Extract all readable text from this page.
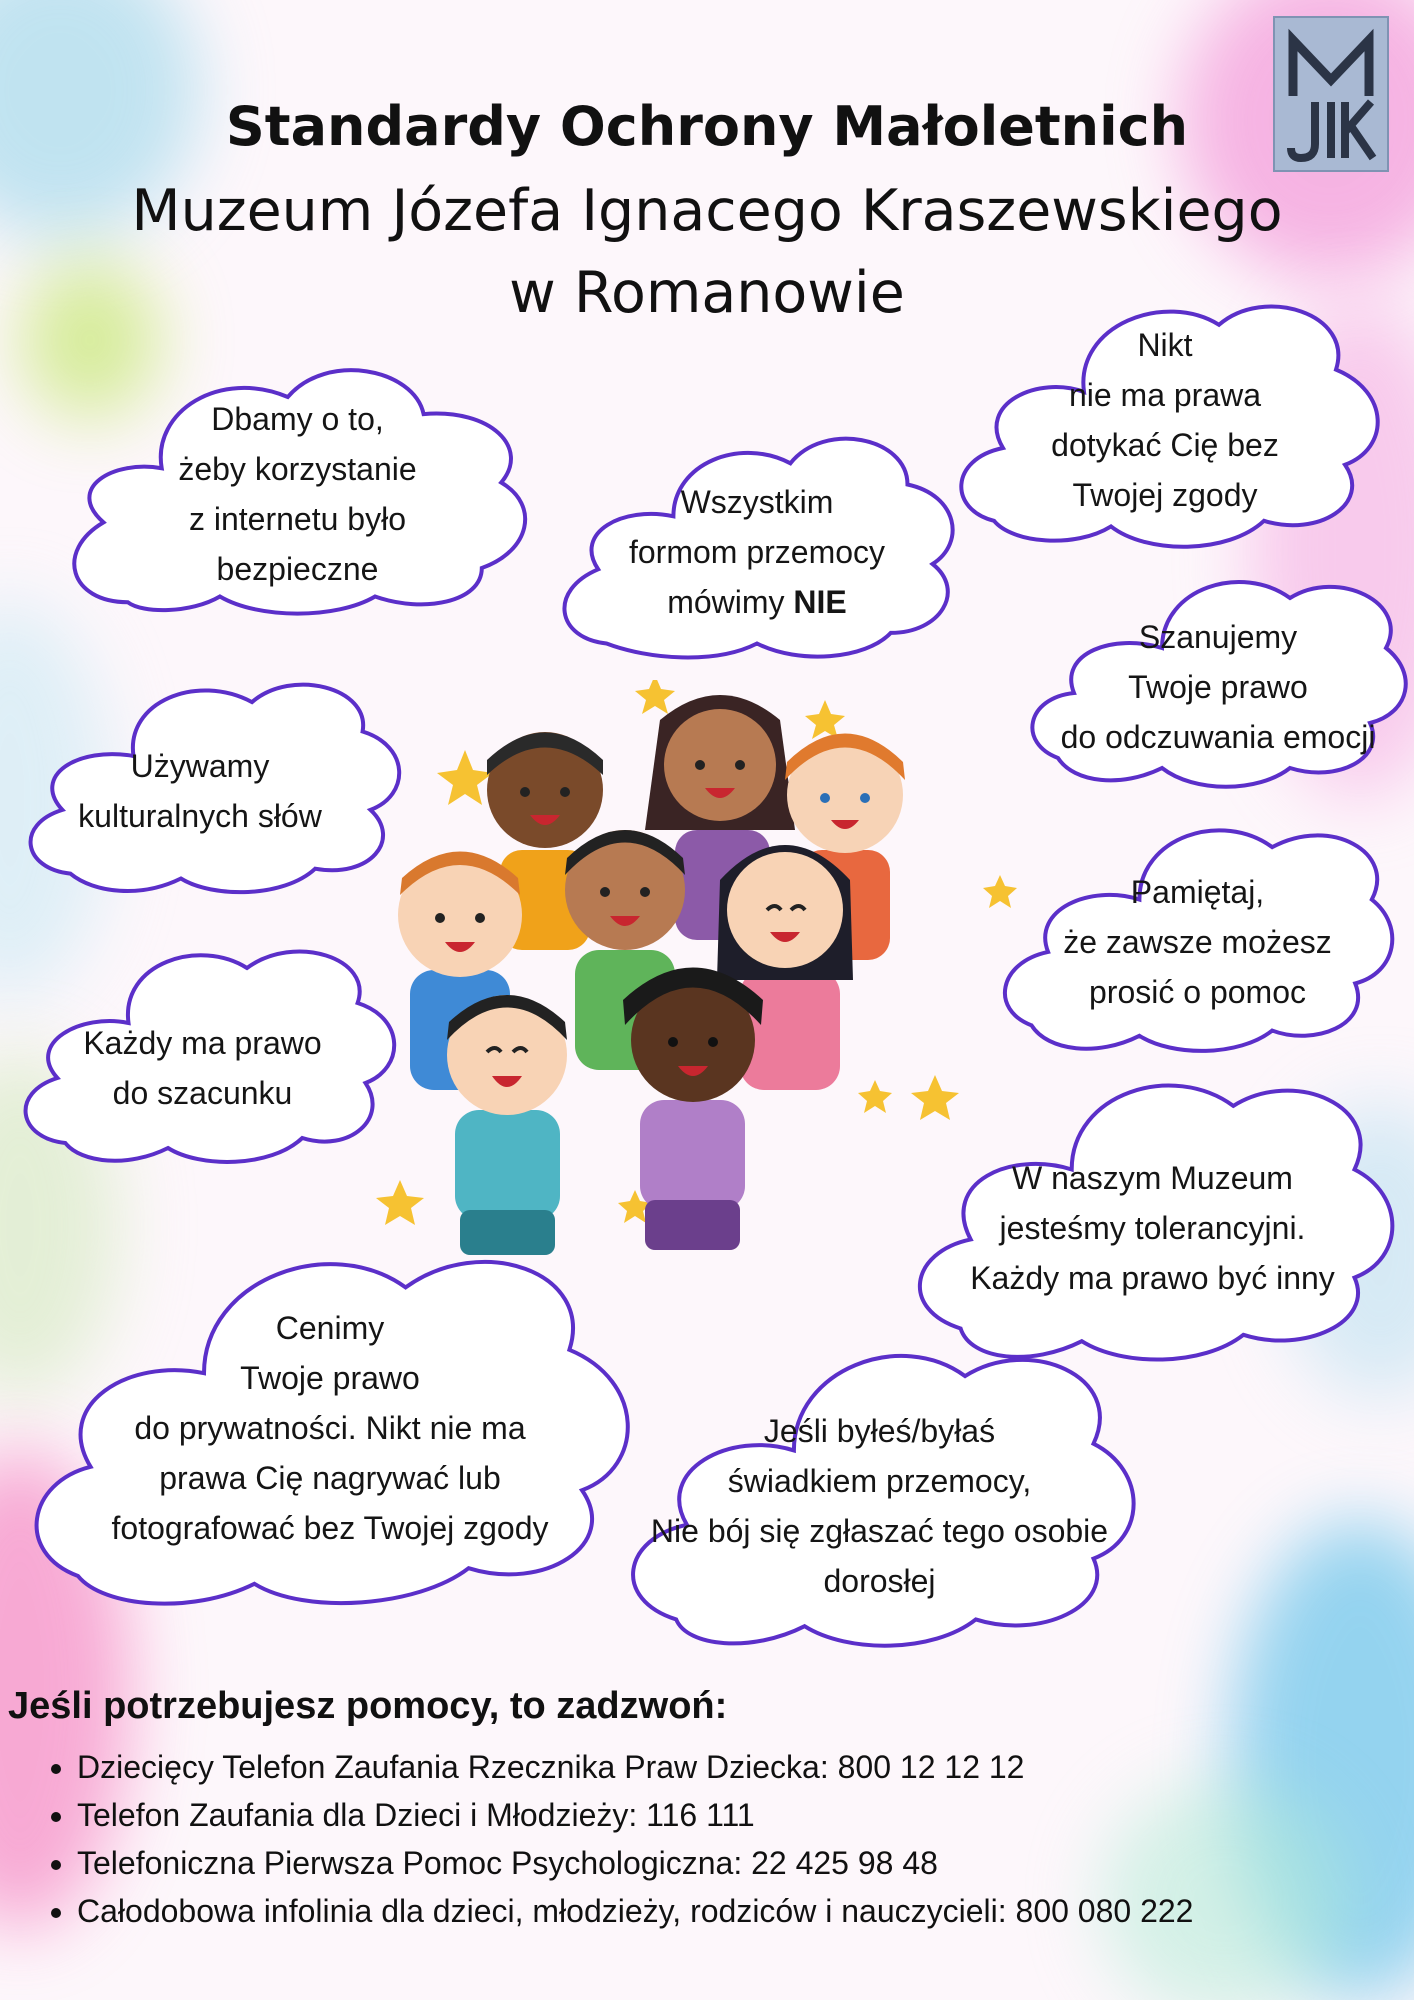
Standardy Ochrony Małoletnich
Muzeum Józefa Ignacego Kraszewskiego
w Romanowie
Dbamy o to,
żeby korzystanie
z internetu było
bezpieczne
Wszystkim
formom przemocy
mówimy NIE
Nikt
nie ma prawa
dotykać Cię bez
Twojej zgody
Szanujemy
Twoje prawo
do odczuwania emocji
Używamy
kulturalnych słów
Pamiętaj,
że zawsze możesz
prosić o pomoc
Każdy ma prawo
do szacunku
W naszym Muzeum
jesteśmy tolerancyjni.
Każdy ma prawo być inny
Cenimy
Twoje prawo
do prywatności. Nikt nie ma
prawa Cię nagrywać lub
fotografować bez Twojej zgody
Jeśli byłeś/byłaś
świadkiem przemocy,
Nie bój się zgłaszać tego osobie
dorosłej
Jeśli potrzebujesz pomocy, to zadzwoń:
• Dziecięcy Telefon Zaufania Rzecznika Praw Dziecka: 800 12 12 12
• Telefon Zaufania dla Dzieci i Młodzieży: 116 111
• Telefoniczna Pierwsza Pomoc Psychologiczna: 22 425 98 48
• Całodobowa infolinia dla dzieci, młodzieży, rodziców i nauczycieli: 800 080 222
